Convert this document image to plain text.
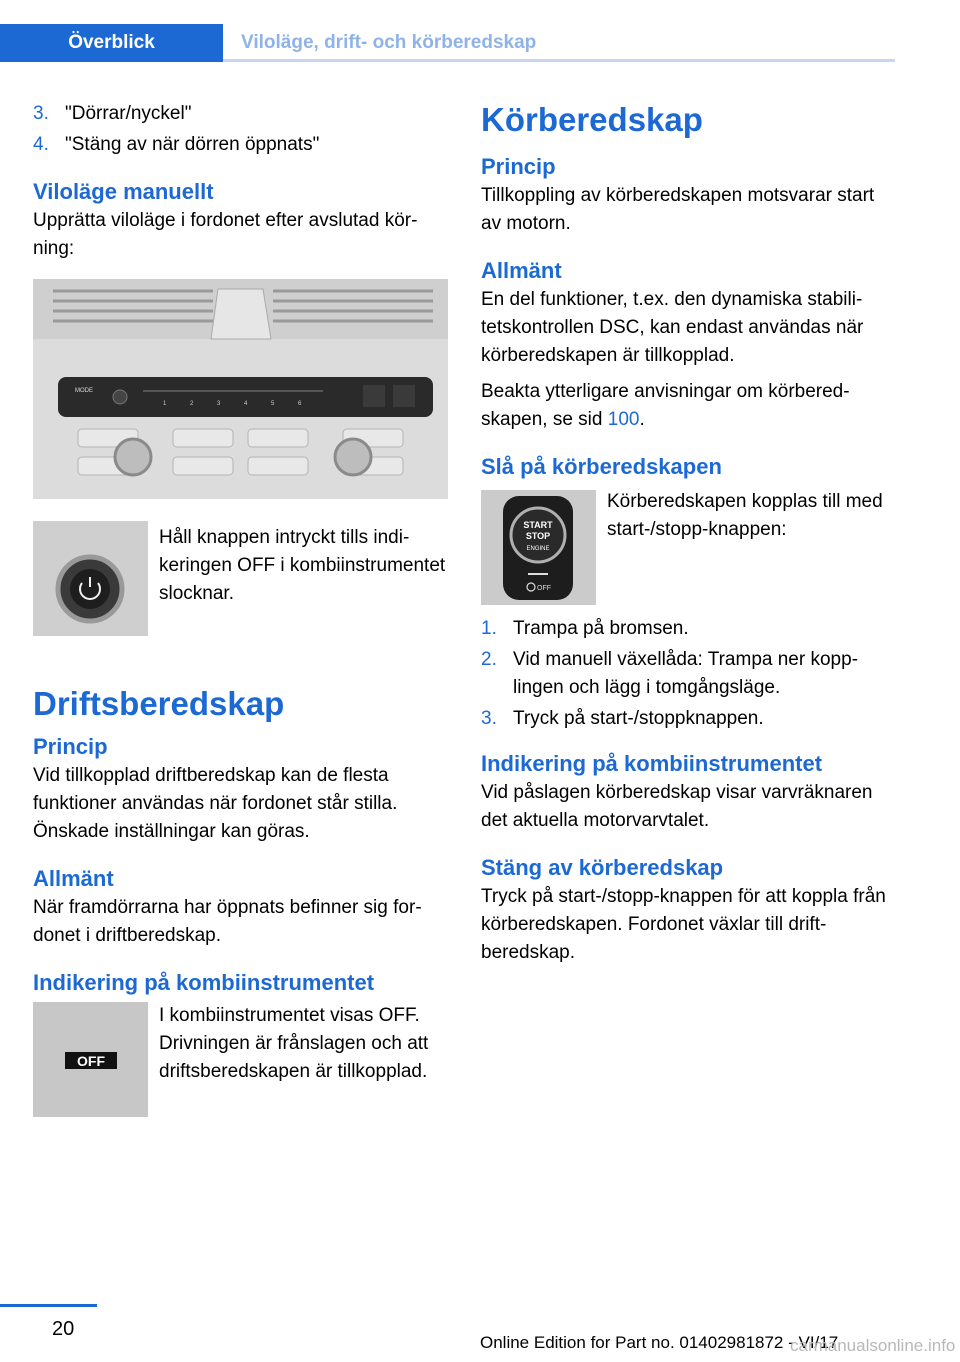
Överblick	Viloläge, drift- och körberedskap
3. "Dörrar/nyckel"
4. "Stäng av när dörren öppnats"
Viloläge manuellt

Upprätta viloläge i fordonet efter avslutad körning:

MODE
1	2	3	4	5	6

Håll knappen intryckt tills indikeringen OFF i kombiinstrumentet slocknar.

Driftsberedskap
Princip

Vid tillkopplad driftberedskap kan de flesta funktioner användas när fordonet står stilla. Önskade inställningar kan göras.

Allmänt

När framdörrarna har öppnats befinner sig fordonet i driftberedskap.

Indikering på kombiinstrumentet
OFF

I kombiinstrumentet visas OFF. Drivningen är frånslagen och att driftsberedskapen är tillkopplad.

Körberedskap
Princip

Tillkoppling av körberedskapen motsvarar start av motorn.

Allmänt

En del funktioner, t.ex. den dynamiska stabilitetskontrollen DSC, kan endast användas när körberedskapen är tillkopplad.

Beakta ytterligare anvisningar om körberedskapen, se sid 100.

Slå på körberedskapen
START
STOP
ENGINE
OFF

Körberedskapen kopplas till med start-/stopp-knappen:

1. Trampa på bromsen.
2. Vid manuell växellåda: Trampa ner kopplingen och lägg i tomgångsläge.
3. Tryck på start-/stoppknappen.
Indikering på kombiinstrumentet

Vid påslagen körberedskap visar varvräknaren det aktuella motorvarvtalet.

Stäng av körberedskap

Tryck på start-/stopp-knappen för att koppla från körberedskapen. Fordonet växlar till driftberedskap.

20
Online Edition for Part no. 01402981872 - VI/17
carmanualsonline.info
